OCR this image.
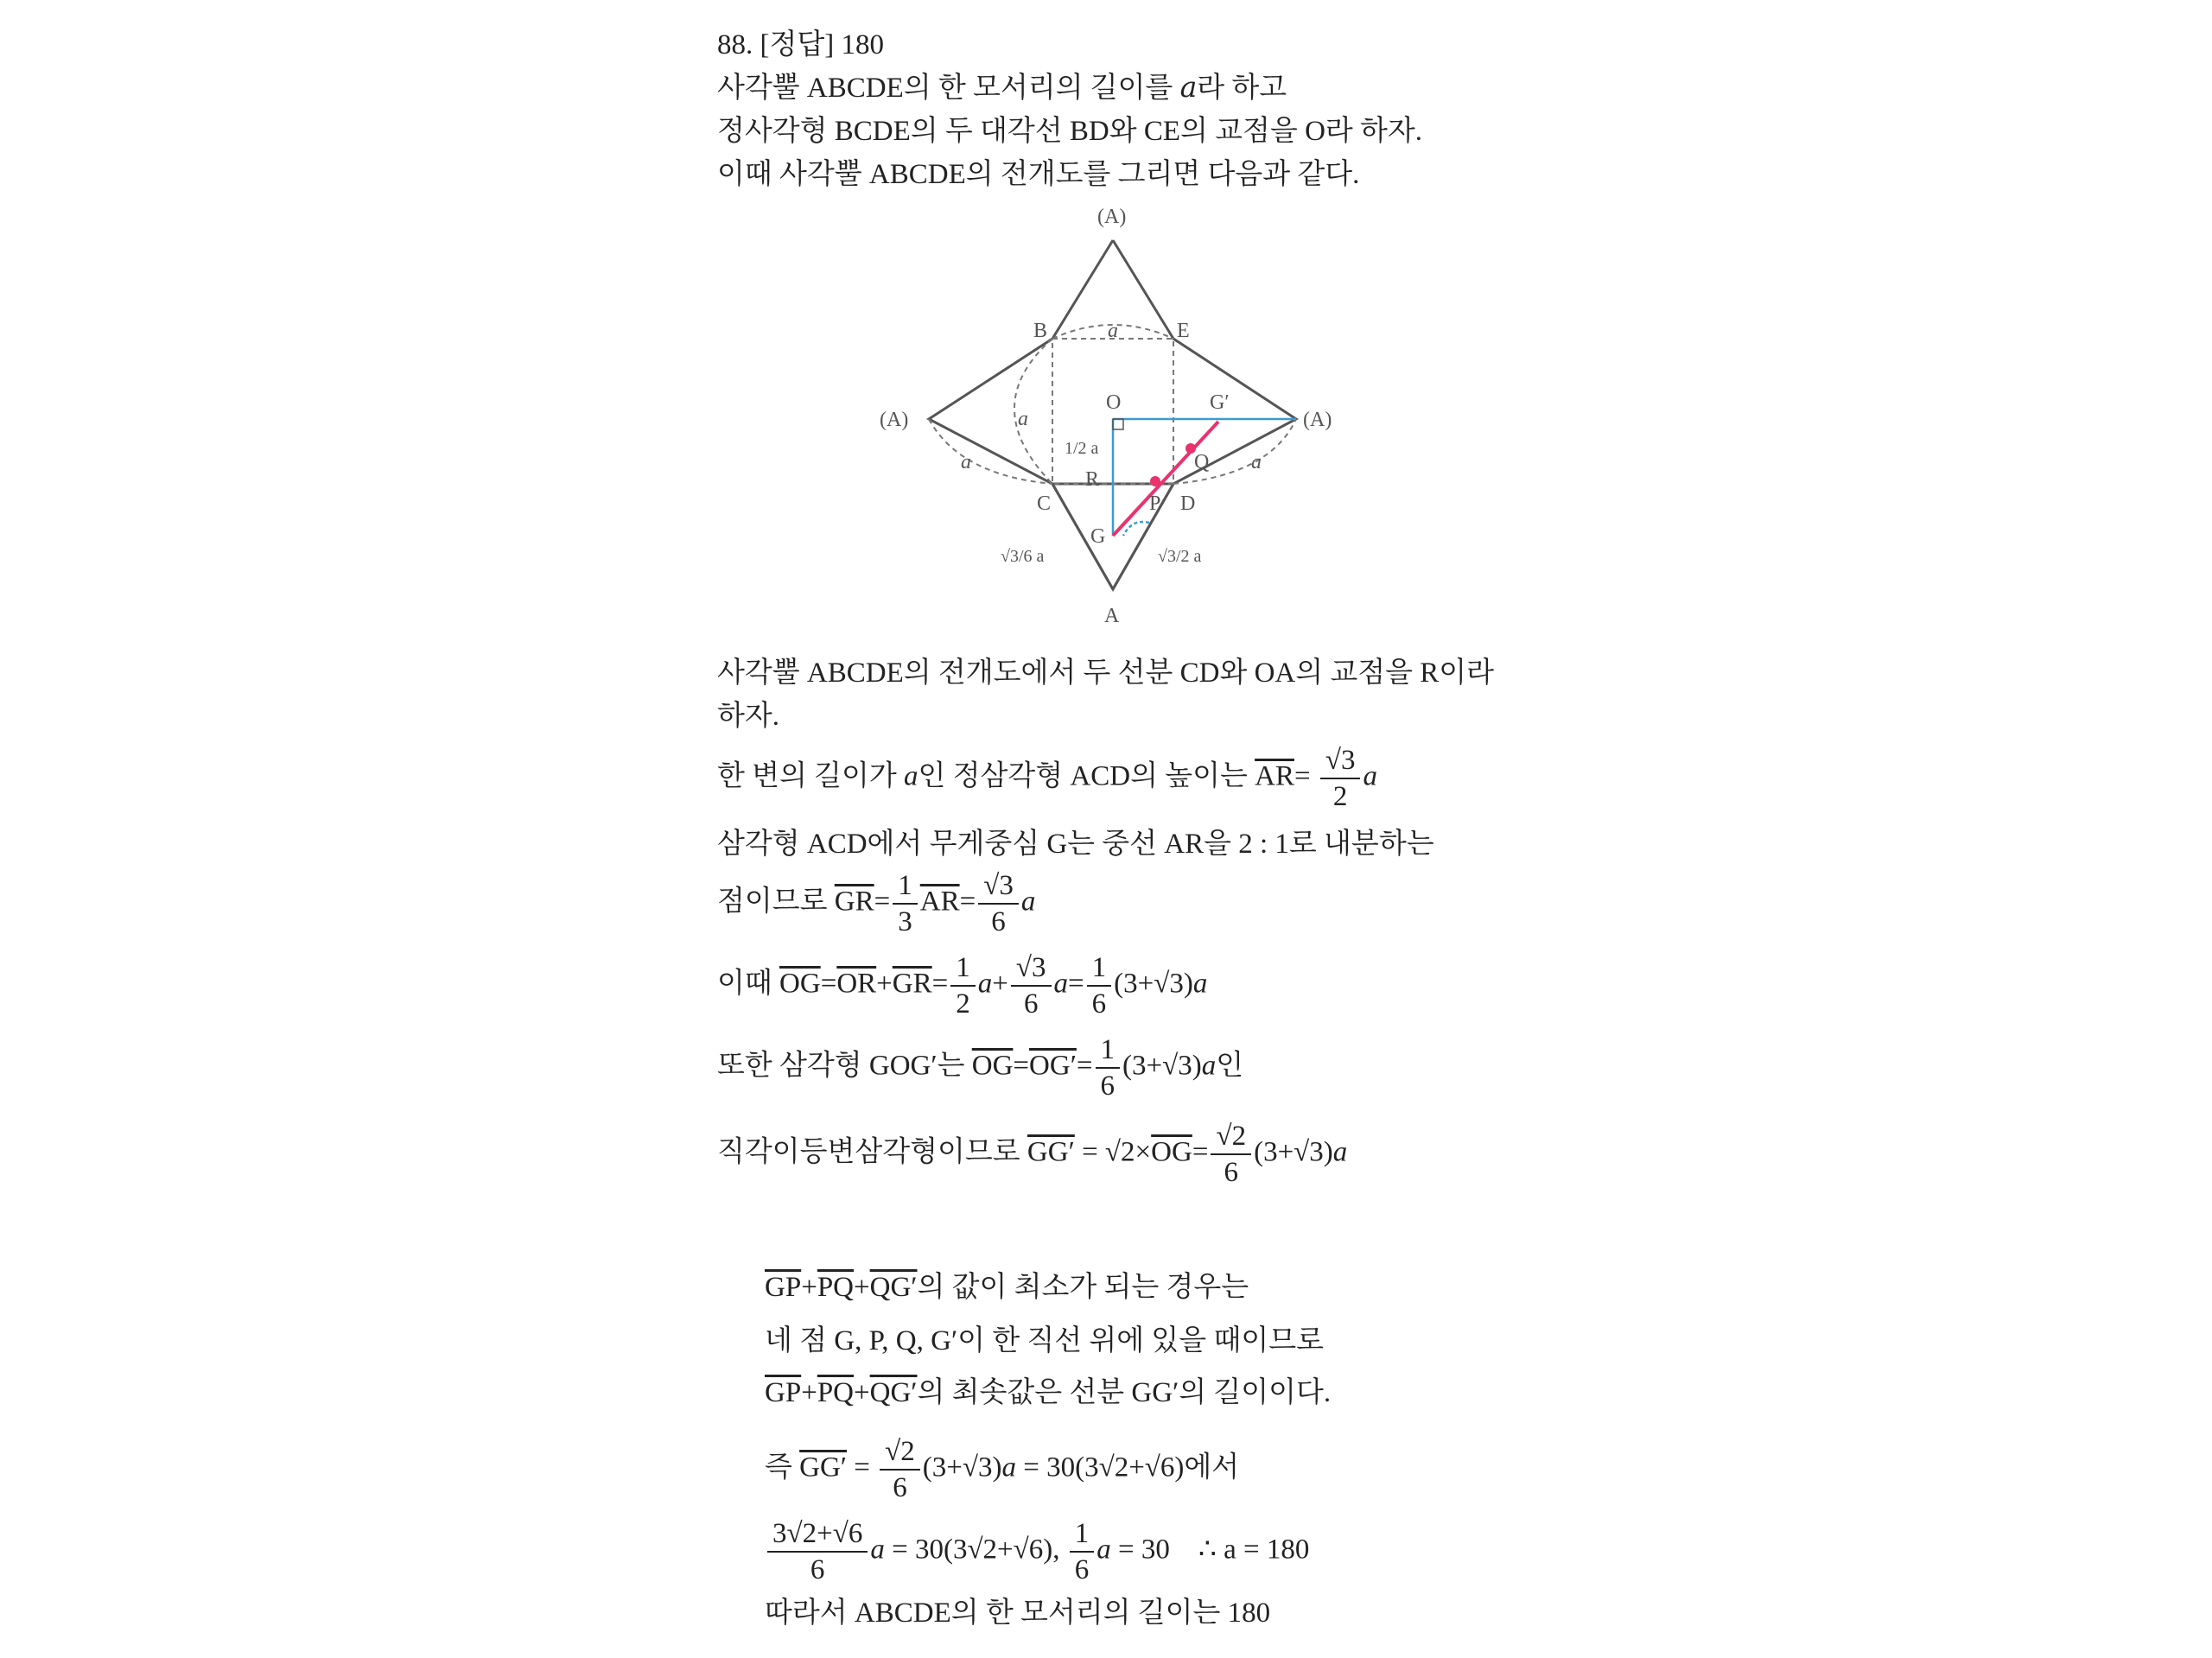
88. [정답] 180
사각뿔 ABCDE의 한 모서리의 길이를 𝑎라 하고
정사각형 BCDE의 두 대각선 BD와 CE의 교점을 O라 하자.
이때 사각뿔 ABCDE의 전개도를 그리면 다음과 같다.
(A)
(A)	(A)
A
B	E
C	D
O	G′
Q
R
P
G
a
a
a	a
1/2 a
√3/6 a	√3/2 a
사각뿔 ABCDE의 전개도에서 두 선분 CD와 OA의 교점을 R이라
하자.
한 변의 길이가 a인 정삼각형 ACD의 높이는 $\overline{AR}= \frac{√3}{2}$ a
삼각형 ACD에서 무게중심 G는 중선 AR을 2 : 1로 내분하는
점이므로 $\overline{GR}= \frac{1}{3} \overline{AR}= \frac{√3}{6}$ a
이때 $\overline{OG}=\overline{OR}+\overline{GR}= \frac{1}{2} a+ \frac{√3}{6} a= \frac{1}{6} (3+√3)a$
또한 삼각형 GOG′는 $\overline{OG}=OG'= \frac{1}{6} (3+√3)a$인
직각이등변삼각형이므로 $GG' = √2\times\overline{OG}= \frac{√2}{6} (3+√3)a$
$\overline{GP}+\overline{PQ}+QG'$의 값이 최소가 되는 경우는
네 점 G, P, Q, G′이 한 직선 위에 있을 때이므로
$\overline{GP}+\overline{PQ}+QG'$의 최솟값은 선분 GG′의 길이이다.
즉 $GG' = \frac{√2}{6} (3+√3)a = 30(3√2+√6)$에서
$\frac{3√2+√6}{6}$ a = 30(3√2+√6), $\frac{1}{6}$ a = 30    ∴ a = 180
따라서 ABCDE의 한 모서리의 길이는 180
